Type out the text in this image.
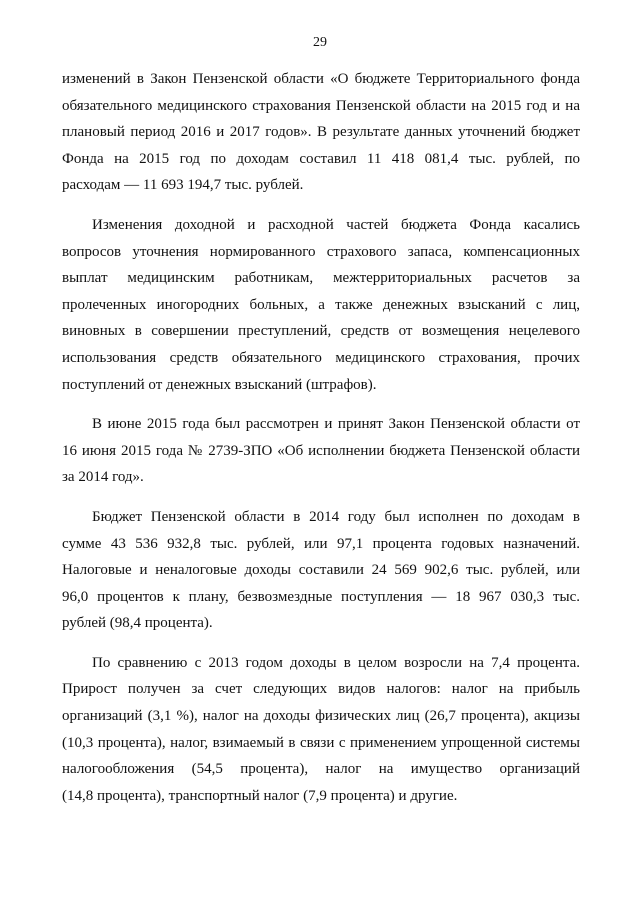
29
изменений в Закон Пензенской области «О бюджете Территориального фонда
обязательного медицинского страхования Пензенской области на 2015 год и на
плановый период 2016 и 2017 годов». В результате данных уточнений бюджет
Фонда на 2015 год по доходам составил 11 418 081,4 тыс. рублей, по
расходам — 11 693 194,7 тыс. рублей.
Изменения доходной и расходной частей бюджета Фонда касались
вопросов уточнения нормированного страхового запаса, компенсационных
выплат медицинским работникам, межтерриториальных расчетов за
пролеченных иногородних больных, а также денежных взысканий с лиц,
виновных в совершении преступлений, средств от возмещения нецелевого
использования средств обязательного медицинского страхования, прочих
поступлений от денежных взысканий (штрафов).
В июне 2015 года был рассмотрен и принят Закон Пензенской области от
16 июня 2015 года № 2739-ЗПО «Об исполнении бюджета Пензенской области
за 2014 год».
Бюджет Пензенской области в 2014 году был исполнен по доходам в
сумме 43 536 932,8 тыс. рублей, или 97,1 процента годовых назначений.
Налоговые и неналоговые доходы составили 24 569 902,6 тыс. рублей, или
96,0 процентов к плану, безвозмездные поступления — 18 967 030,3 тыс.
рублей (98,4 процента).
По сравнению с 2013 годом доходы в целом возросли на 7,4 процента.
Прирост получен за счет следующих видов налогов: налог на прибыль
организаций (3,1 %), налог на доходы физических лиц (26,7 процента), акцизы
(10,3 процента), налог, взимаемый в связи с применением упрощенной системы
налогообложения (54,5 процента), налог на имущество организаций
(14,8 процента), транспортный налог (7,9 процента) и другие.
